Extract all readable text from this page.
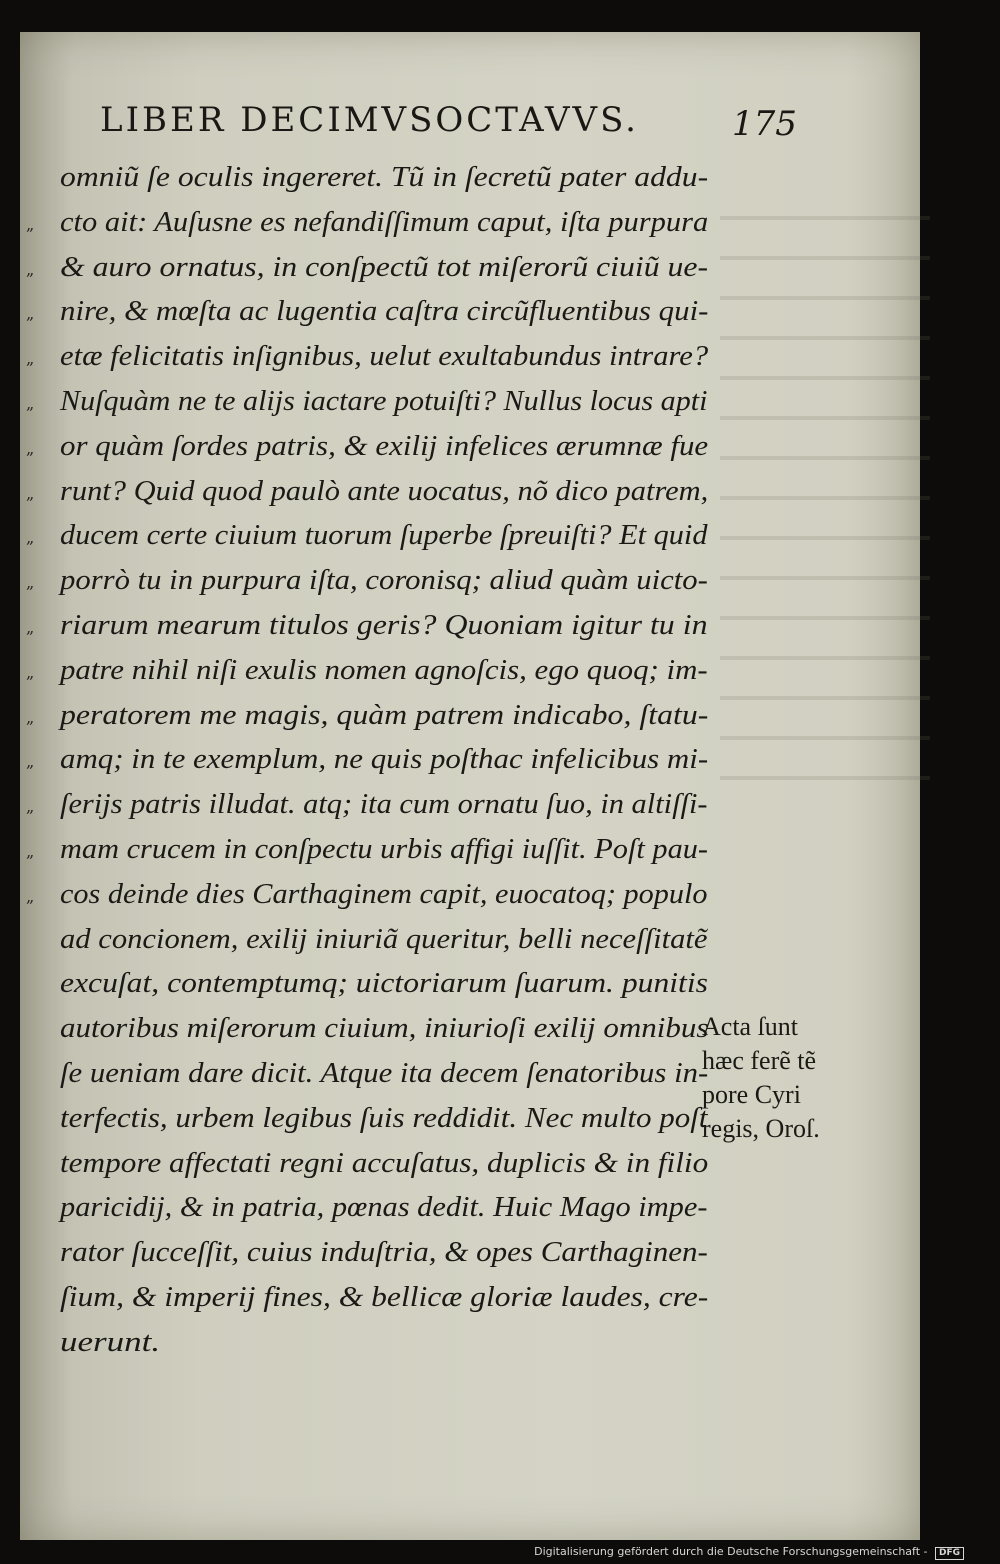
LIBER DECIMVSOCTAVVS.	175
omniũ ſe oculis ingereret. Tũ in ſecretũ pater addu-
„ cto ait: Auſusne es nefandiſſimum caput, iſta purpura
„ & auro ornatus, in conſpectũ tot miſerorũ ciuiũ ue-
„ nire, & mœſta ac lugentia caſtra circũfluentibus qui-
„ etæ felicitatis inſignibus, uelut exultabundus intrare?
„ Nuſquàm ne te alijs iactare potuiſti? Nullus locus apti
„ or quàm ſordes patris, & exilij infelices ærumnæ fue
„ runt? Quid quod paulò ante uocatus, nõ dico patrem,
„ ducem certe ciuium tuorum ſuperbe ſpreuiſti? Et quid
„ porrò tu in purpura iſta, coronisq; aliud quàm uicto-
„ riarum mearum titulos geris? Quoniam igitur tu in
„ patre nihil niſi exulis nomen agnoſcis, ego quoq; im-
„ peratorem me magis, quàm patrem indicabo, ſtatu-
„ amq; in te exemplum, ne quis poſthac infelicibus mi-
„ ſerijs patris illudat. atq; ita cum ornatu ſuo, in altiſſi-
„ mam crucem in conſpectu urbis affigi iuſſit. Poſt pau-
„ cos deinde dies Carthaginem capit, euocatoq; populo
ad concionem, exilij iniuriã queritur, belli neceſſitatẽ
excuſat, contemptumq; uictoriarum ſuarum. punitis
autoribus miſerorum ciuium, iniurioſi exilij omnibus
ſe ueniam dare dicit. Atque ita decem ſenatoribus in-
terfectis, urbem legibus ſuis reddidit. Nec multo poſt
tempore affectati regni accuſatus, duplicis & in filio
paricidij, & in patria, pœnas dedit. Huic Mago impe-
rator ſucceſſit, cuius induſtria, & opes Carthaginen-
ſium, & imperij fines, & bellicæ gloriæ laudes, cre-
uerunt.
Acta ſunt
hæc ferẽ tẽ
pore Cyri
regis, Oroſ.
Digitalisierung gefördert durch die Deutsche Forschungsgemeinschaft - DFG
